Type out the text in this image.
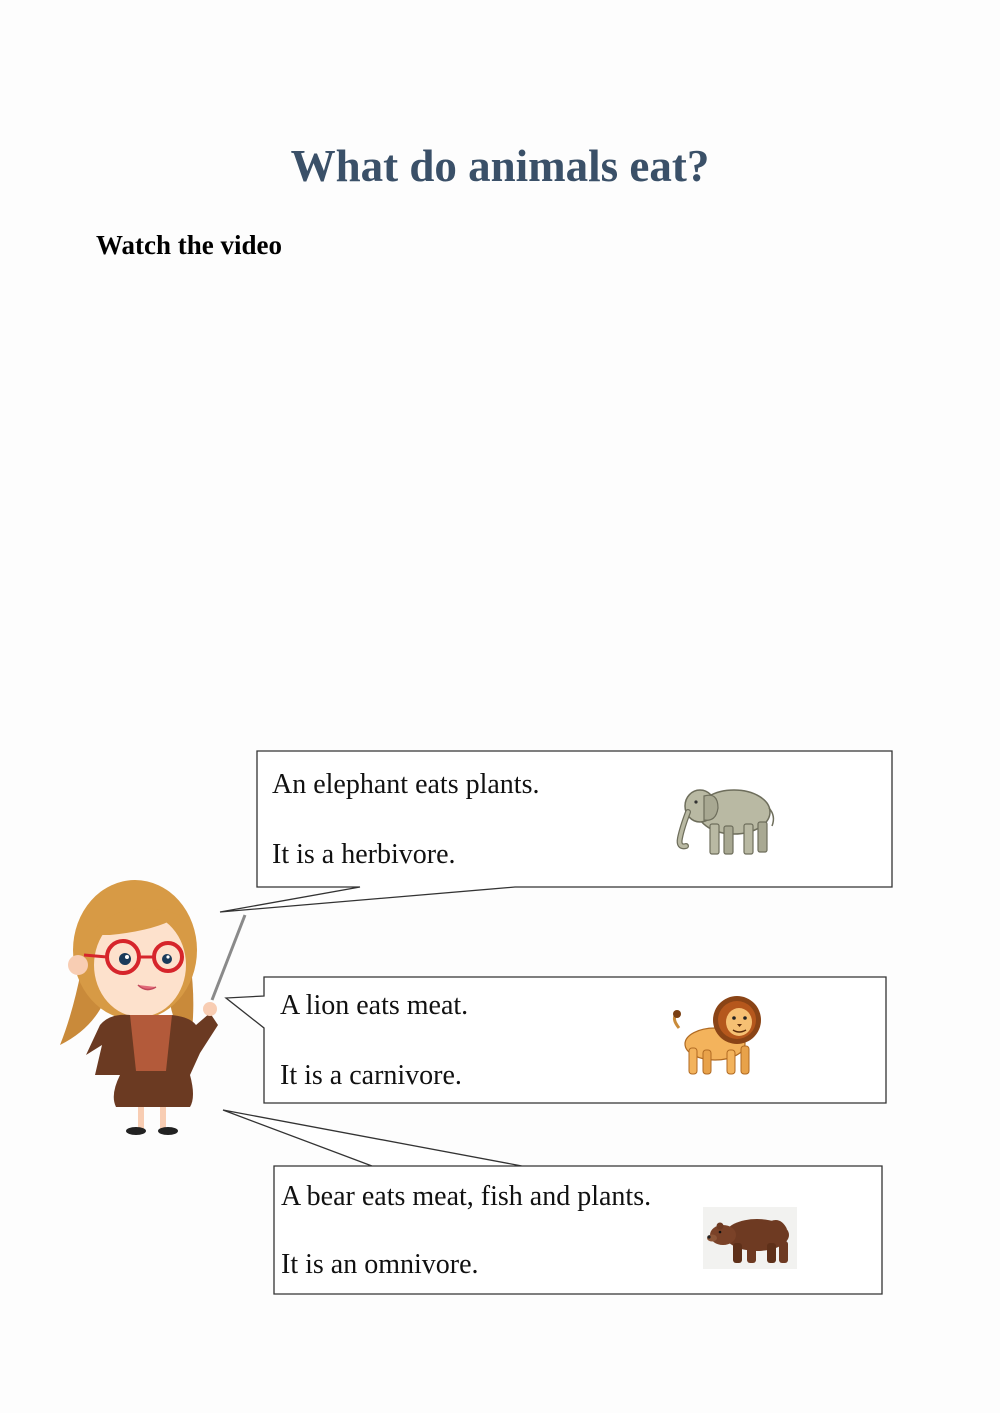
What do animals eat?

Watch the video

An elephant eats plants.
It is a herbivore.
A lion eats meat.
It is a carnivore.
A bear eats meat, fish and plants.
It is an omnivore.
